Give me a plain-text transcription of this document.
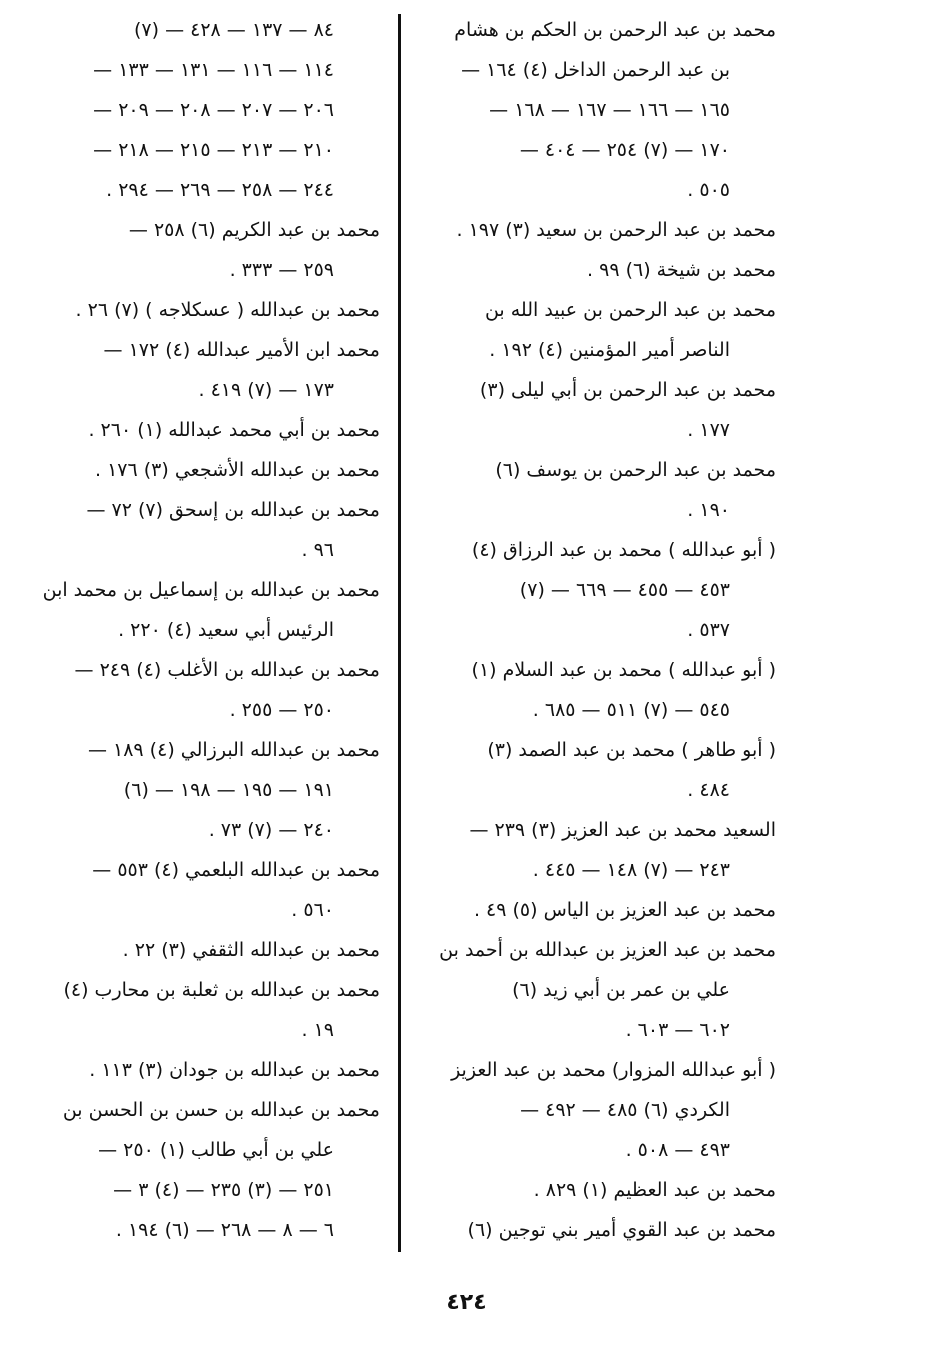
محمد بن عبد الرحمن بن الحكم بن هشام
بن عبد الرحمن الداخل (٤) ١٦٤ —
١٦٥ — ١٦٦ — ١٦٧ — ١٦٨ —
١٧٠ — (٧) ٢٥٤ — ٤٠٤ —
٥٠٥ .
محمد بن عبد الرحمن بن سعيد (٣) ١٩٧ .
محمد بن شيخة (٦) ٩٩ .
محمد بن عبد الرحمن بن عبيد الله بن
الناصر أمير المؤمنين (٤) ١٩٢ .
محمد بن عبد الرحمن بن أبي ليلى (٣)
١٧٧ .
محمد بن عبد الرحمن بن يوسف (٦)
١٩٠ .
( أبو عبدالله ) محمد بن عبد الرزاق (٤)
٤٥٣ — ٤٥٥ — ٦٦٩ — (٧)
٥٣٧ .
( أبو عبدالله ) محمد بن عبد السلام (١)
٥٤٥ — (٧) ٥١١ — ٦٨٥ .
( أبو طاهر ) محمد بن عبد الصمد (٣)
٤٨٤ .
السعيد محمد بن عبد العزيز (٣) ٢٣٩ —
٢٤٣ — (٧) ١٤٨ — ٤٤٥ .
محمد بن عبد العزيز بن الياس (٥) ٤٩ .
محمد بن عبد العزيز بن عبدالله بن أحمد بن
علي بن عمر بن أبي زيد (٦)
٦٠٢ — ٦٠٣ .
( أبو عبدالله المزوار) محمد بن عبد العزيز
الكردي (٦) ٤٨٥ — ٤٩٢ —
٤٩٣ — ٥٠٨ .
محمد بن عبد العظيم (١) ٨٢٩ .
محمد بن عبد القوي أمير بني توجين (٦)
٨٤ — ١٣٧ — ٤٢٨ — (٧)
١١٤ — ١١٦ — ١٣١ — ١٣٣ —
٢٠٦ — ٢٠٧ — ٢٠٨ — ٢٠٩ —
٢١٠ — ٢١٣ — ٢١٥ — ٢١٨ —
٢٤٤ — ٢٥٨ — ٢٦٩ — ٢٩٤ .
محمد بن عبد الكريم (٦) ٢٥٨ —
٢٥٩ — ٣٣٣ .
محمد بن عبدالله ( عسكلاجه ) (٧) ٢٦ .
محمد ابن الأمير عبدالله (٤) ١٧٢ —
١٧٣ — (٧) ٤١٩ .
محمد بن أبي محمد عبدالله (١) ٢٦٠ .
محمد بن عبدالله الأشجعي (٣) ١٧٦ .
محمد بن عبدالله بن إسحق (٧) ٧٢ —
٩٦ .
محمد بن عبدالله بن إسماعيل بن محمد ابن
الرئيس أبي سعيد (٤) ٢٢٠ .
محمد بن عبدالله بن الأغلب (٤) ٢٤٩ —
٢٥٠ — ٢٥٥ .
محمد بن عبدالله البرزالي (٤) ١٨٩ —
١٩١ — ١٩٥ — ١٩٨ — (٦)
٢٤٠ — (٧) ٧٣ .
محمد بن عبدالله البلعمي (٤) ٥٥٣ —
٥٦٠ .
محمد بن عبدالله الثقفي (٣) ٢٢ .
محمد بن عبدالله بن ثعلبة بن محارب (٤)
١٩ .
محمد بن عبدالله بن جودان (٣) ١١٣ .
محمد بن عبدالله بن حسن بن الحسن بن
علي بن أبي طالب (١) ٢٥٠ —
٢٥١ — (٣) ٢٣٥ — (٤) ٣ —
٦ — ٨ — ٢٦٨ — (٦) ١٩٤ .
٤٢٤
